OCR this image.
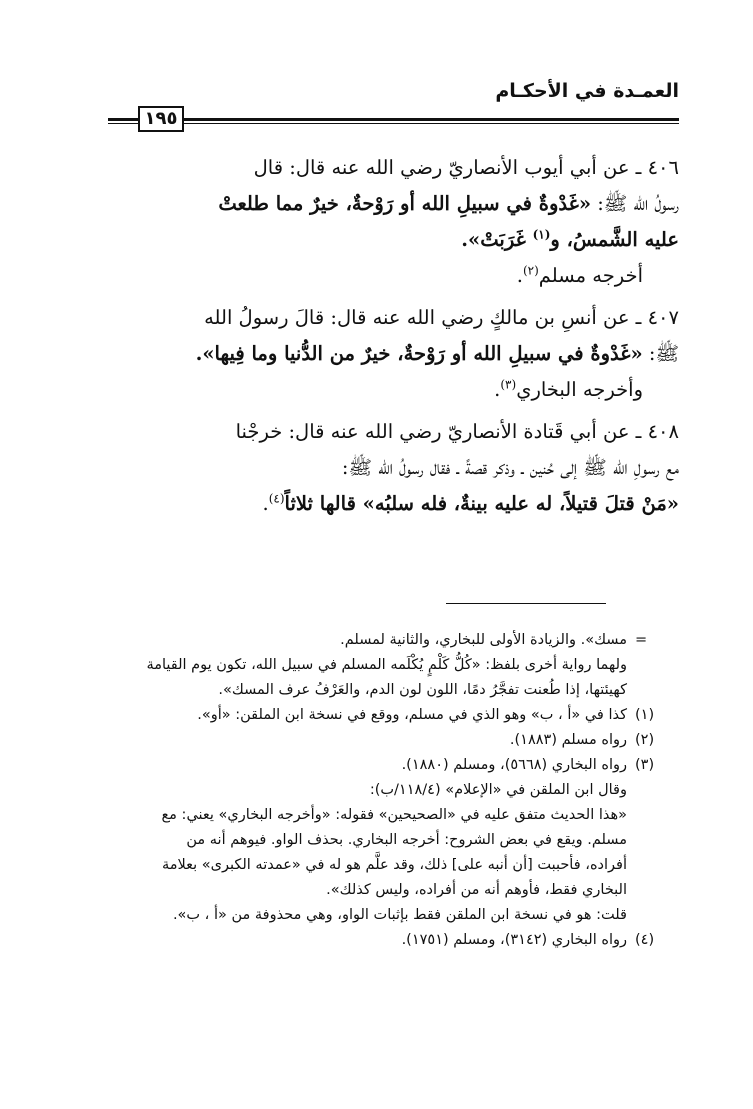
العمـدة في الأحكـام
١٩٥

٤٠٦ ـ عن أبي أيوب الأنصاريّ رضي الله عنه قال: قال

رسولُ الله ﷺ: «غَدْوةٌ في سبيلِ الله أو رَوْحةٌ، خيرٌ مما طلعتْ

عليه الشَّمسُ، و$^{(١)}$ غَرَبَتْ».

أخرجه مسلم$^{(٢)}$.

٤٠٧ ـ عن أنسِ بن مالكٍ رضي الله عنه قال: قالَ رسولُ الله

ﷺ: «غَدْوةٌ في سبيلِ الله أو رَوْحةٌ، خيرٌ من الدُّنيا وما فِيها».

وأخرجه البخاري$^{(٣)}$.

٤٠٨ ـ عن أبي قَتادة الأنصاريّ رضي الله عنه قال: خرجْنا

مع رسولِ الله ﷺ إلى حُنين ـ وذكر قصةً ـ فقال رسولُ الله ﷺ:

«مَنْ قتلَ قتيلاً، له عليه بينةٌ، فله سلبُه» قالها ثلاثاً$^{(٤)}$.

=
مسك». والزيادة الأولى للبخاري، والثانية لمسلم.
ولهما رواية أخرى بلفظ: «كُلُّ كَلْمٍ يُكْلَمه المسلم في سبيل الله، تكون يوم القيامة
كهيئتها، إذا طُعنت تفجَّرُ دمًا، اللون لون الدم، والعَرْفُ عرف المسك».
(١)
كذا في «أ ، ب» وهو الذي في مسلم، ووقع في نسخة ابن الملقن: «أو».
(٢)
رواه مسلم (١٨٨٣).
(٣)
رواه البخاري (٥٦٦٨)، ومسلم (١٨٨٠).
وقال ابن الملقن في «الإعلام» (١١٨/٤/ب):
«هذا الحديث متفق عليه في «الصحيحين» فقوله: «وأخرجه البخاري» يعني: مع
مسلم. ويقع في بعض الشروح: أخرجه البخاري. بحذف الواو. فيوهم أنه من
أفراده، فأحببت [أن أنبه على] ذلك، وقد علَّم هو له في «عمدته الكبرى» بعلامة
البخاري فقط، فأوهم أنه من أفراده، وليس كذلك».
قلت: هو في نسخة ابن الملقن فقط بإثبات الواو، وهي محذوفة من «أ ، ب».
(٤)
رواه البخاري (٣١٤٢)، ومسلم (١٧٥١).
